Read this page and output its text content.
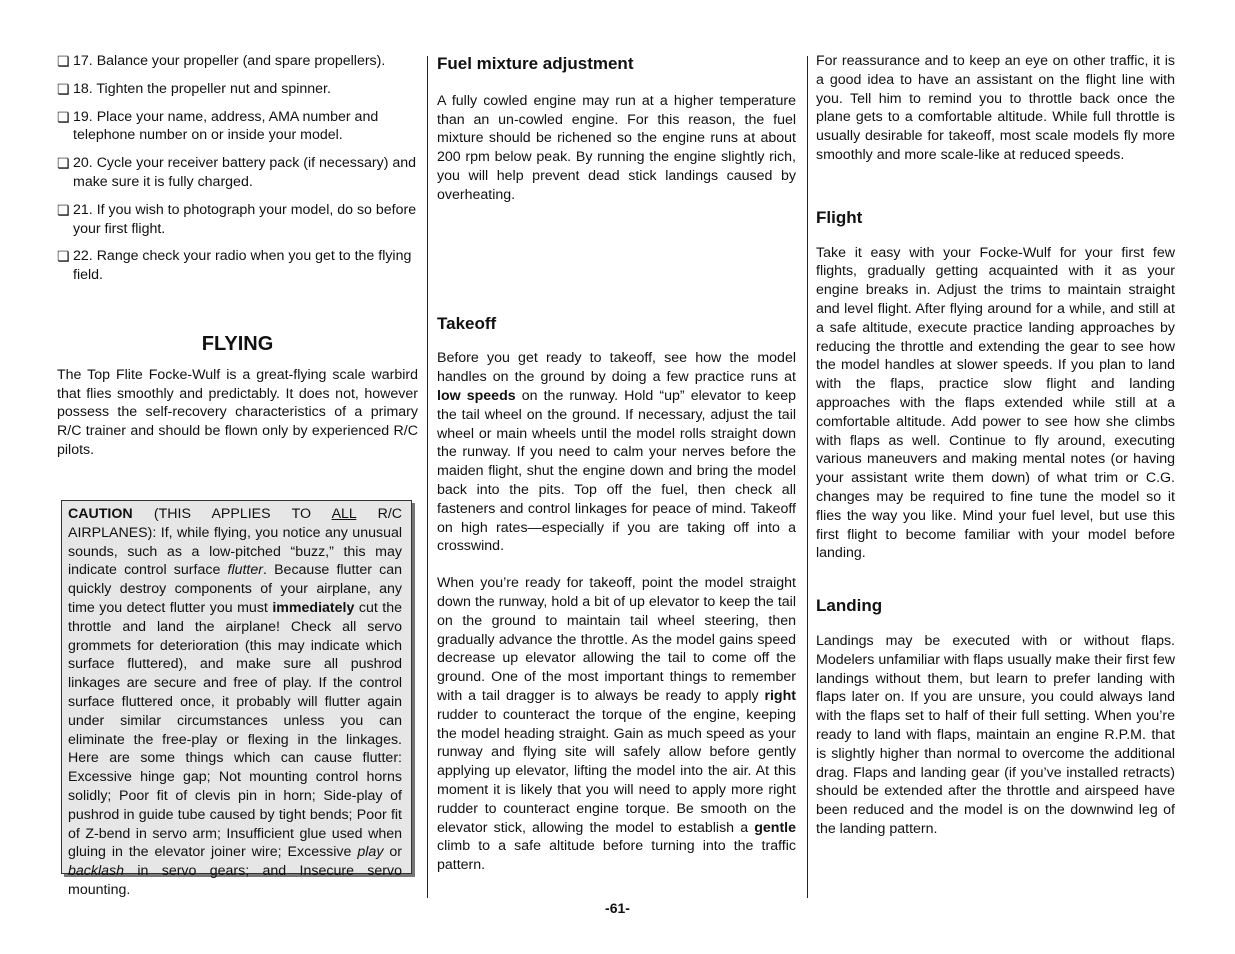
❏ 17. Balance your propeller (and spare propellers).
❏ 18. Tighten the propeller nut and spinner.
❏ 19. Place your name, address, AMA number and telephone number on or inside your model.
❏ 20. Cycle your receiver battery pack (if necessary) and make sure it is fully charged.
❏ 21. If you wish to photograph your model, do so before your first flight.
❏ 22. Range check your radio when you get to the flying field.
FLYING

The Top Flite Focke-Wulf is a great-flying scale warbird that flies smoothly and predictably. It does not, however possess the self-recovery characteristics of a primary R/C trainer and should be flown only by experienced R/C pilots.

CAUTION (THIS APPLIES TO ALL R/C AIRPLANES): If, while flying, you notice any unusual sounds, such as a low-pitched “buzz,” this may indicate control surface flutter. Because flutter can quickly destroy components of your airplane, any time you detect flutter you must immediately cut the throttle and land the airplane! Check all servo grommets for deterioration (this may indicate which surface fluttered), and make sure all pushrod linkages are secure and free of play. If the control surface fluttered once, it probably will flutter again under similar circumstances unless you can eliminate the free-play or flexing in the linkages. Here are some things which can cause flutter: Excessive hinge gap; Not mounting control horns solidly; Poor fit of clevis pin in horn; Side-play of pushrod in guide tube caused by tight bends; Poor fit of Z-bend in servo arm; Insufficient glue used when gluing in the elevator joiner wire; Excessive play or backlash in servo gears; and Insecure servo mounting.

Fuel mixture adjustment

A fully cowled engine may run at a higher temperature than an un-cowled engine. For this reason, the fuel mixture should be richened so the engine runs at about 200 rpm below peak. By running the engine slightly rich, you will help prevent dead stick landings caused by overheating.

Takeoff

Before you get ready to takeoff, see how the model handles on the ground by doing a few practice runs at low speeds on the runway. Hold “up” elevator to keep the tail wheel on the ground. If necessary, adjust the tail wheel or main wheels until the model rolls straight down the runway. If you need to calm your nerves before the maiden flight, shut the engine down and bring the model back into the pits. Top off the fuel, then check all fasteners and control linkages for peace of mind. Takeoff on high rates—especially if you are taking off into a crosswind.

When you’re ready for takeoff, point the model straight down the runway, hold a bit of up elevator to keep the tail on the ground to maintain tail wheel steering, then gradually advance the throttle. As the model gains speed decrease up elevator allowing the tail to come off the ground. One of the most important things to remember with a tail dragger is to always be ready to apply right rudder to counteract the torque of the engine, keeping the model heading straight. Gain as much speed as your runway and flying site will safely allow before gently applying up elevator, lifting the model into the air. At this moment it is likely that you will need to apply more right rudder to counteract engine torque. Be smooth on the elevator stick, allowing the model to establish a gentle climb to a safe altitude before turning into the traffic pattern.

For reassurance and to keep an eye on other traffic, it is a good idea to have an assistant on the flight line with you. Tell him to remind you to throttle back once the plane gets to a comfortable altitude. While full throttle is usually desirable for takeoff, most scale models fly more smoothly and more scale-like at reduced speeds.

Flight

Take it easy with your Focke-Wulf for your first few flights, gradually getting acquainted with it as your engine breaks in. Adjust the trims to maintain straight and level flight. After flying around for a while, and still at a safe altitude, execute practice landing approaches by reducing the throttle and extending the gear to see how the model handles at slower speeds. If you plan to land with the flaps, practice slow flight and landing approaches with the flaps extended while still at a comfortable altitude. Add power to see how she climbs with flaps as well. Continue to fly around, executing various maneuvers and making mental notes (or having your assistant write them down) of what trim or C.G. changes may be required to fine tune the model so it flies the way you like. Mind your fuel level, but use this first flight to become familiar with your model before landing.

Landing

Landings may be executed with or without flaps. Modelers unfamiliar with flaps usually make their first few landings without them, but learn to prefer landing with flaps later on. If you are unsure, you could always land with the flaps set to half of their full setting. When you’re ready to land with flaps, maintain an engine R.P.M. that is slightly higher than normal to overcome the additional drag. Flaps and landing gear (if you’ve installed retracts) should be extended after the throttle and airspeed have been reduced and the model is on the downwind leg of the landing pattern.

-61-
